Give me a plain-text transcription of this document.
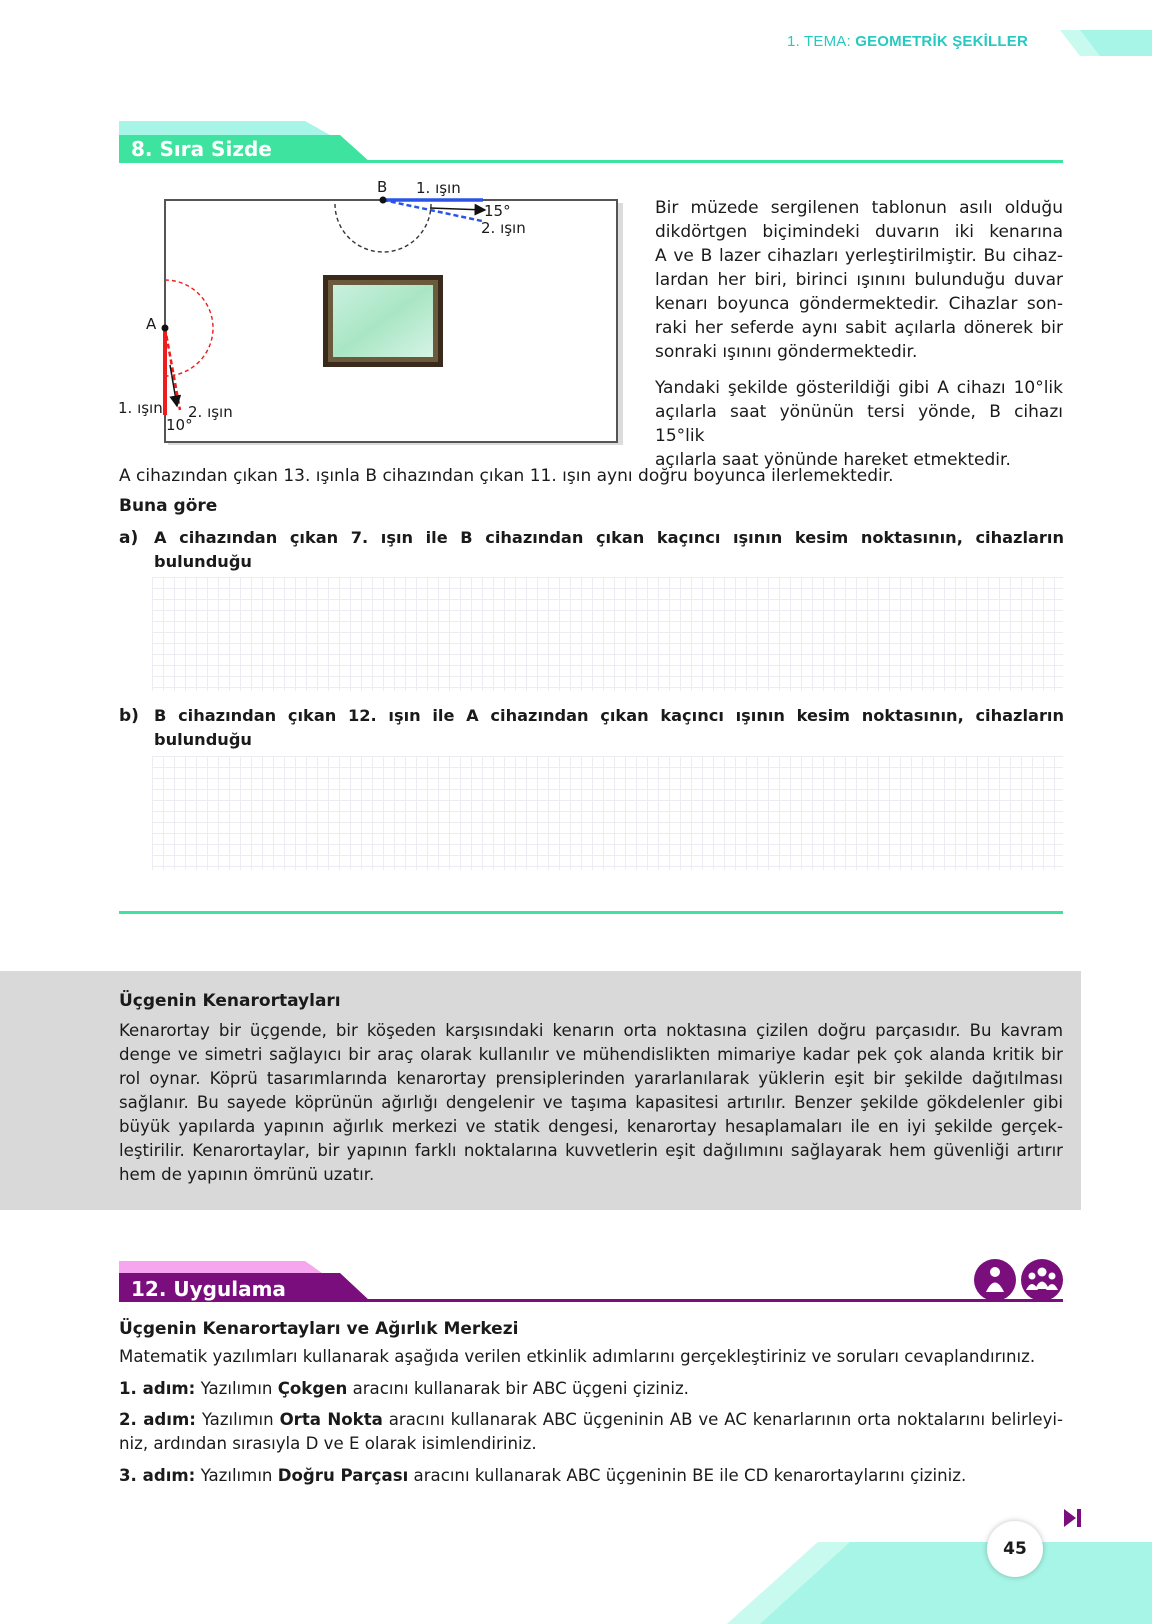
1. TEMA: GEOMETRİK ŞEKİLLER
8. Sıra Sizde
B 1. ışın
15°
2. ışın
A
1. ışın 2. ışın
10°
Bir müzede sergilenen tablonun asılı olduğu
dikdörtgen biçimindeki duvarın iki kenarına
A ve B lazer cihazları yerleştirilmiştir. Bu cihaz-
lardan her biri, birinci ışınını bulunduğu duvar
kenarı boyunca göndermektedir. Cihazlar son-
raki her seferde aynı sabit açılarla dönerek bir
sonraki ışınını göndermektedir.
Yandaki şekilde gösterildiği gibi A cihazı 10°lik
açılarla saat yönünün tersi yönde, B cihazı 15°lik
açılarla saat yönünde hareket etmektedir.
A cihazından çıkan 13. ışınla B cihazından çıkan 11. ışın aynı doğru boyunca ilerlemektedir.
Buna göre
a) A cihazından çıkan 7. ışın ile B cihazından çıkan kaçıncı ışının kesim noktasının, cihazların bulunduğu
b) B cihazından çıkan 12. ışın ile A cihazından çıkan kaçıncı ışının kesim noktasının, cihazların bulunduğu
Üçgenin Kenarortayları
Kenarortay bir üçgende, bir köşeden karşısındaki kenarın orta noktasına çizilen doğru parçasıdır. Bu kavram
denge ve simetri sağlayıcı bir araç olarak kullanılır ve mühendislikten mimariye kadar pek çok alanda kritik bir
rol oynar. Köprü tasarımlarında kenarortay prensiplerinden yararlanılarak yüklerin eşit bir şekilde dağıtılması
sağlanır. Bu sayede köprünün ağırlığı dengelenir ve taşıma kapasitesi artırılır. Benzer şekilde gökdelenler gibi
büyük yapılarda yapının ağırlık merkezi ve statik dengesi, kenarortay hesaplamaları ile en iyi şekilde gerçek-
leştirilir. Kenarortaylar, bir yapının farklı noktalarına kuvvetlerin eşit dağılımını sağlayarak hem güvenliği artırır
hem de yapının ömrünü uzatır.
12. Uygulama
Üçgenin Kenarortayları ve Ağırlık Merkezi
Matematik yazılımları kullanarak aşağıda verilen etkinlik adımlarını gerçekleştiriniz ve soruları cevaplandırınız.
1. adım: Yazılımın Çokgen aracını kullanarak bir ABC üçgeni çiziniz.
2. adım: Yazılımın Orta Nokta aracını kullanarak ABC üçgeninin AB ve AC kenarlarının orta noktalarını belirleyi-
niz, ardından sırasıyla D ve E olarak isimlendiriniz.
3. adım: Yazılımın Doğru Parçası aracını kullanarak ABC üçgeninin BE ile CD kenarortaylarını çiziniz.
45
